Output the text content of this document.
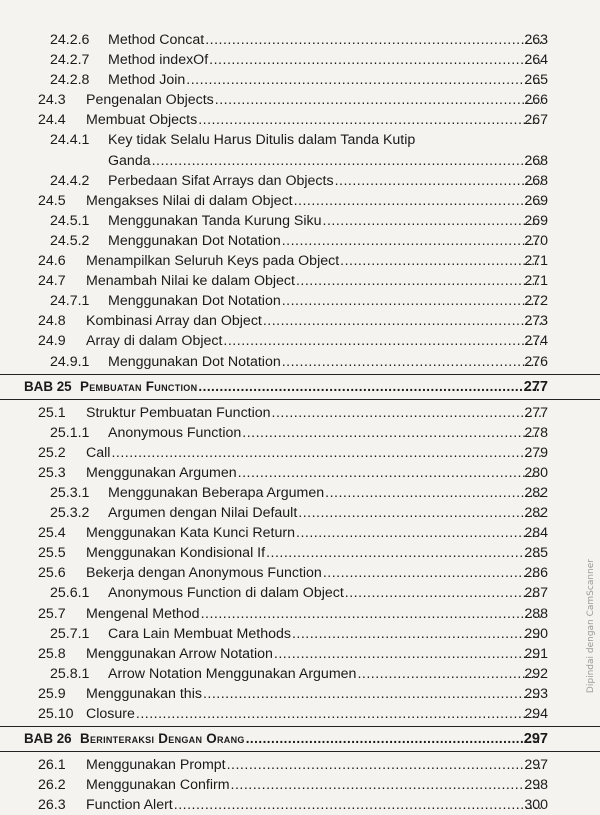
24.2.6 Method Concat .....	263
24.2.7 Method indexOf .....	264
24.2.8 Method Join .....	265
24.3 Pengenalan Objects .....	266
24.4 Membuat Objects .....	267
24.4.1 Key tidak Selalu Harus Ditulis dalam Tanda Kutip
Ganda .....	268
24.4.2 Perbedaan Sifat Arrays dan Objects .....	268
24.5 Mengakses Nilai di dalam Object .....	269
24.5.1 Menggunakan Tanda Kurung Siku .....	269
24.5.2 Menggunakan Dot Notation .....	270
24.6 Menampilkan Seluruh Keys pada Object .....	271
24.7 Menambah Nilai ke dalam Object .....	271
24.7.1 Menggunakan Dot Notation .....	272
24.8 Kombinasi Array dan Object .....	273
24.9 Array di dalam Object .....	274
24.9.1 Menggunakan Dot Notation .....	276
BAB 25 Pembuatan Function .....	277
25.1 Struktur Pembuatan Function .....	277
25.1.1 Anonymous Function .....	278
25.2 Call .....	279
25.3 Menggunakan Argumen .....	280
25.3.1 Menggunakan Beberapa Argumen .....	282
25.3.2 Argumen dengan Nilai Default .....	282
25.4 Menggunakan Kata Kunci Return .....	284
25.5 Menggunakan Kondisional If .....	285
25.6 Bekerja dengan Anonymous Function .....	286
25.6.1 Anonymous Function di dalam Object .....	287
25.7 Mengenal Method .....	288
25.7.1 Cara Lain Membuat Methods .....	290
25.8 Menggunakan Arrow Notation .....	291
25.8.1 Arrow Notation Menggunakan Argumen .....	292
25.9 Menggunakan this .....	293
25.10 Closure .....	294
BAB 26 Berinteraksi Dengan Orang .....	297
26.1 Menggunakan Prompt .....	297
26.2 Menggunakan Confirm .....	298
26.3 Function Alert .....	300
Dipindai dengan CamScanner
